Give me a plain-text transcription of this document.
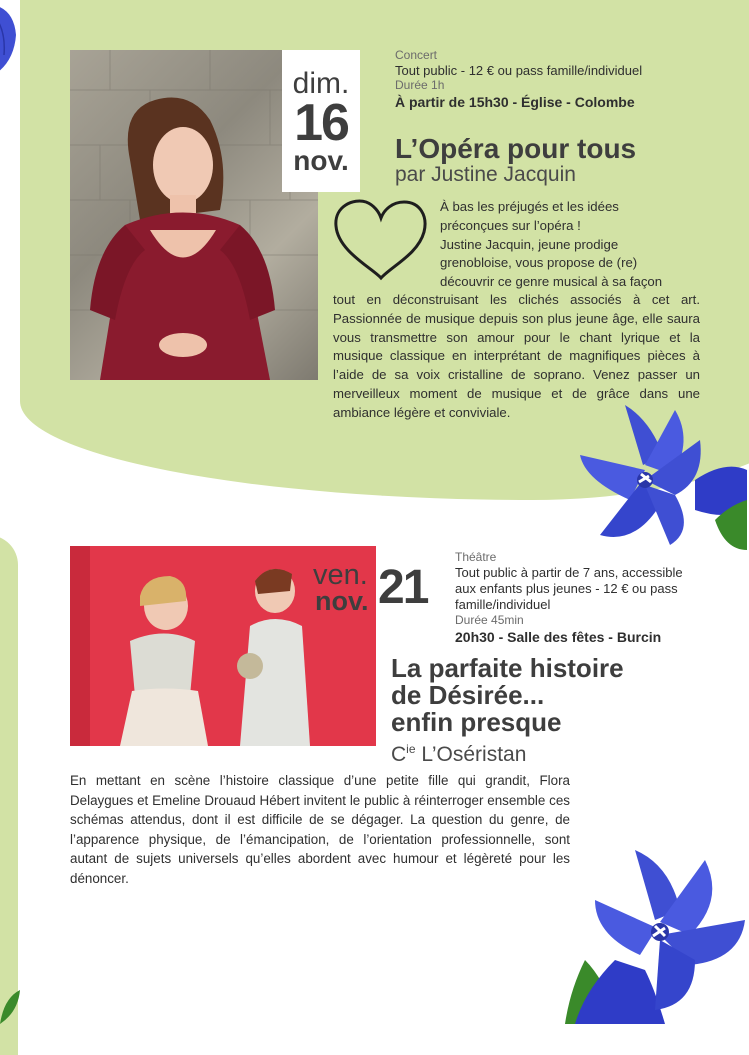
dim.
16
nov.
Concert
Tout public - 12 € ou pass famille/individuel
Durée 1h
À partir de 15h30 - Église - Colombe
L’Opéra pour tous
par Justine Jacquin

À bas les préjugés et les idées

préconçues sur l’opéra !

Justine Jacquin, jeune prodige

grenobloise, vous propose de (re)

découvrir ce genre musical à sa façon

tout en déconstruisant les clichés associés à cet art. Passionnée de musique depuis son plus jeune âge, elle saura vous transmettre son amour pour le chant lyrique et la musique classique en interprétant de magnifiques pièces à l’aide de sa voix cristalline de soprano. Venez passer un merveilleux moment de musique et de grâce dans une ambiance légère et conviviale.

ven.
nov. 21
Théâtre
Tout public à partir de 7 ans, accessible aux enfants plus jeunes - 12 € ou pass famille/individuel
Durée 45min
20h30 - Salle des fêtes - Burcin
La parfaite histoire
de Désirée...
enfin presque
$C^{ie}$ L’Oséristan
En mettant en scène l’histoire classique d’une petite fille qui grandit, Flora Delaygues et Emeline Drouaud Hébert invitent le public à réinterroger ensemble ces schémas attendus, dont il est difficile de se dégager. La question du genre, de l’apparence physique, de l’émancipation, de l’orientation professionnelle, sont autant de sujets universels qu’elles abordent avec humour et légèreté pour les dénoncer.
